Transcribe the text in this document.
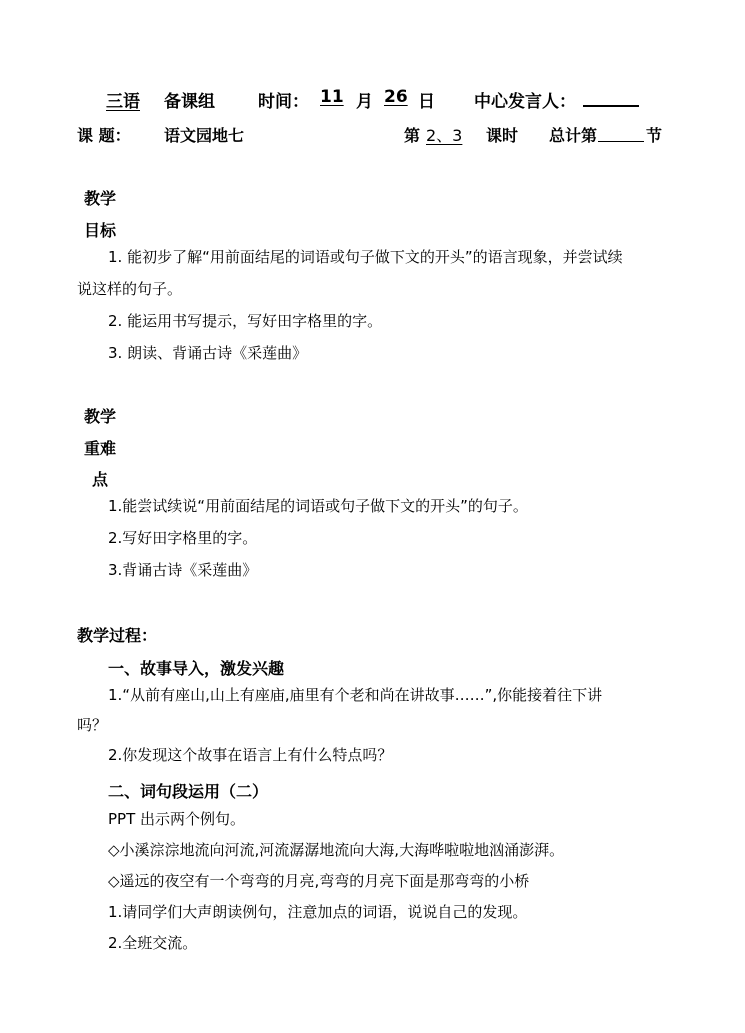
三语	备课组	时间： 11 月 26 日 中心发言人：
课 题： 语文园地七	第 2、3 课时 总计第	节
教学
目标
1. 能初步了解“用前面结尾的词语或句子做下文的开头”的语言现象，并尝试续
说这样的句子。
2. 能运用书写提示，写好田字格里的字。
3. 朗读、背诵古诗《采莲曲》
教学
重难
点
1.能尝试续说“用前面结尾的词语或句子做下文的开头”的句子。
2.写好田字格里的字。
3.背诵古诗《采莲曲》
教学过程：
一、故事导入，激发兴趣
1.“从前有座山,山上有座庙,庙里有个老和尚在讲故事……”,你能接着往下讲
吗？
2.你发现这个故事在语言上有什么特点吗？
二、词句段运用（二）
PPT 出示两个例句。
◇小溪淙淙地流向河流,河流潺潺地流向大海,大海哗啦啦地汹涌澎湃。
◇遥远的夜空有一个弯弯的月亮,弯弯的月亮下面是那弯弯的小桥
1.请同学们大声朗读例句，注意加点的词语，说说自己的发现。
2.全班交流。
